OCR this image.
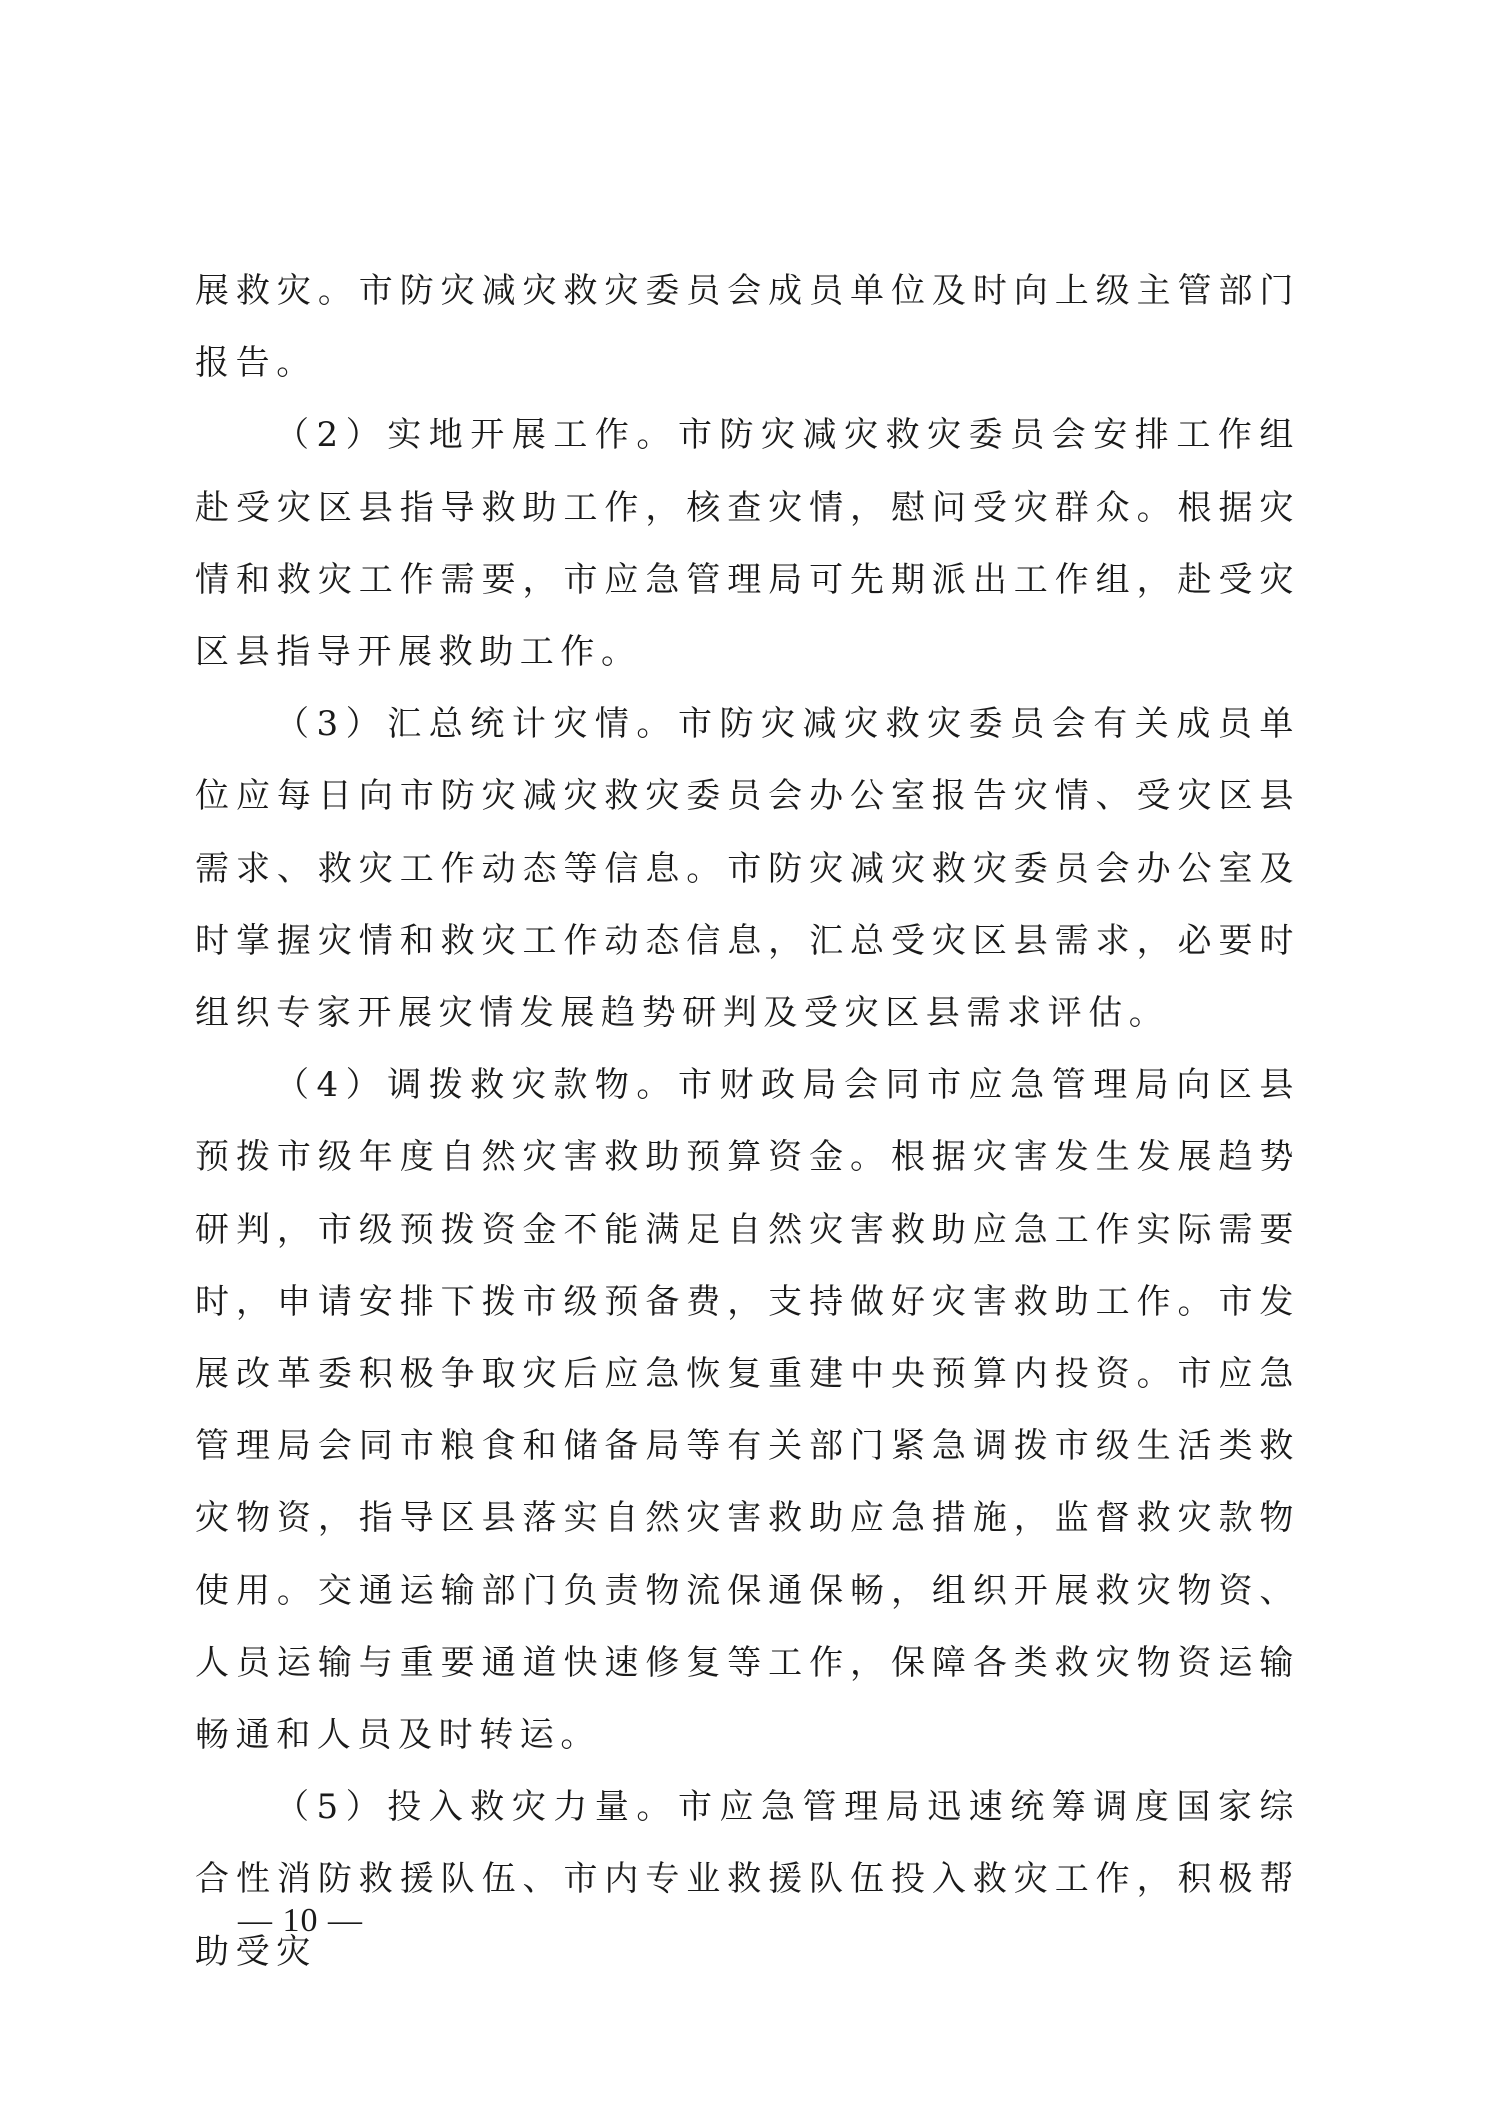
展救灾。市防灾减灾救灾委员会成员单位及时向上级主管部门报告。

（2）实地开展工作。市防灾减灾救灾委员会安排工作组赴受灾区县指导救助工作，核查灾情，慰问受灾群众。根据灾情和救灾工作需要，市应急管理局可先期派出工作组，赴受灾区县指导开展救助工作。

（3）汇总统计灾情。市防灾减灾救灾委员会有关成员单位应每日向市防灾减灾救灾委员会办公室报告灾情、受灾区县需求、救灾工作动态等信息。市防灾减灾救灾委员会办公室及时掌握灾情和救灾工作动态信息，汇总受灾区县需求，必要时组织专家开展灾情发展趋势研判及受灾区县需求评估。

（4）调拨救灾款物。市财政局会同市应急管理局向区县预拨市级年度自然灾害救助预算资金。根据灾害发生发展趋势研判，市级预拨资金不能满足自然灾害救助应急工作实际需要时，申请安排下拨市级预备费，支持做好灾害救助工作。市发展改革委积极争取灾后应急恢复重建中央预算内投资。市应急管理局会同市粮食和储备局等有关部门紧急调拨市级生活类救灾物资，指导区县落实自然灾害救助应急措施，监督救灾款物使用。交通运输部门负责物流保通保畅，组织开展救灾物资、人员运输与重要通道快速修复等工作，保障各类救灾物资运输畅通和人员及时转运。

（5）投入救灾力量。市应急管理局迅速统筹调度国家综合性消防救援队伍、市内专业救援队伍投入救灾工作，积极帮助受灾

— 10 —
